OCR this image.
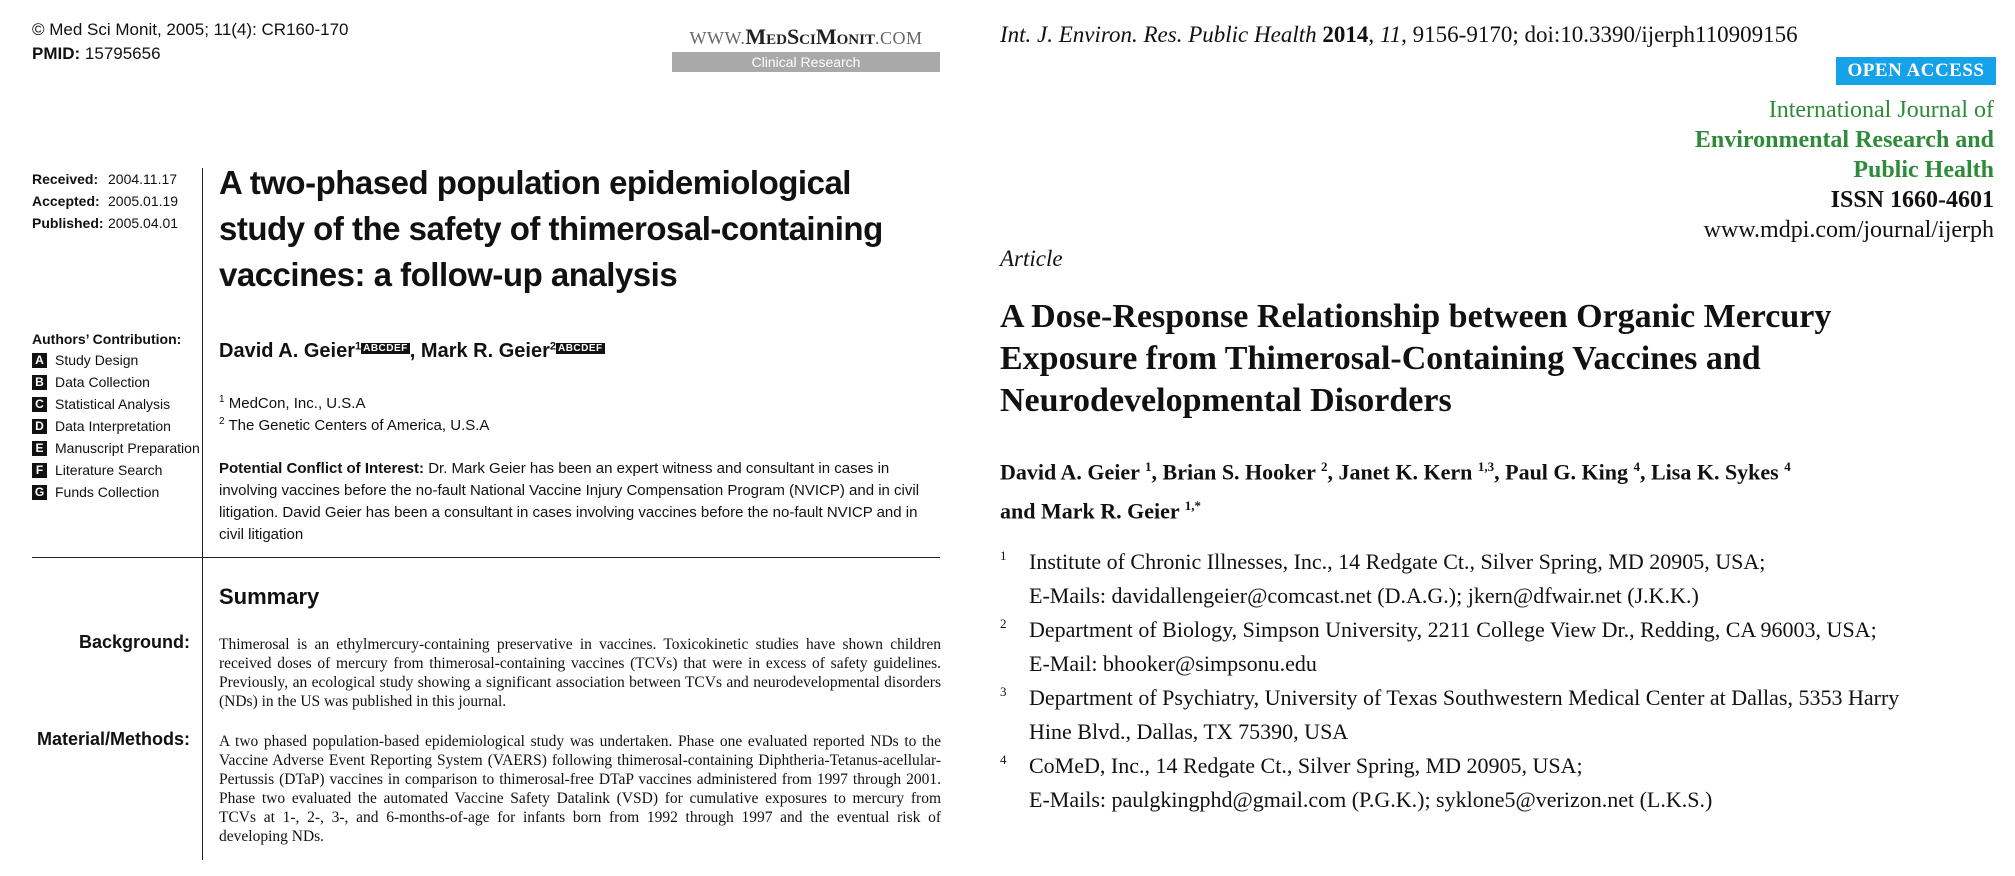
© Med Sci Monit, 2005; 11(4): CR160-170
PMID: 15795656
WWW.MedSciMonit.COM
Clinical Research
Received: 2004.11.17
Accepted: 2005.01.19
Published: 2005.04.01
A two-phased population epidemiological study of the safety of thimerosal-containing vaccines: a follow-up analysis
Authors’ Contribution:
A Study Design
B Data Collection
C Statistical Analysis
D Data Interpretation
E Manuscript Preparation
F Literature Search
G Funds Collection
David A. Geier$^1$ ABCDEF , Mark R. Geier$^2$ ABCDEF
$^1$ MedCon, Inc., U.S.A
$^2$ The Genetic Centers of America, U.S.A
Potential Conflict of Interest: Dr. Mark Geier has been an expert witness and consultant in cases in involving vaccines before the no-fault National Vaccine Injury Compensation Program (NVICP) and in civil litigation. David Geier has been a consultant in cases involving vaccines before the no-fault NVICP and in civil litigation
Summary
Background: Thimerosal is an ethylmercury-containing preservative in vaccines. Toxicokinetic studies have shown children received doses of mercury from thimerosal-containing vaccines (TCVs) that were in excess of safety guidelines. Previously, an ecological study showing a significant association between TCVs and neurodevelopmental disorders (NDs) in the US was published in this journal.
Material/Methods: A two phased population-based epidemiological study was undertaken. Phase one evaluated reported NDs to the Vaccine Adverse Event Reporting System (VAERS) following thimerosal-containing Diphtheria-Tetanus-acellular-Pertussis (DTaP) vaccines in comparison to thimerosal-free DTaP vaccines administered from 1997 through 2001. Phase two evaluated the automated Vaccine Safety Datalink (VSD) for cumulative exposures to mercury from TCVs at 1-, 2-, 3-, and 6-months-of-age for infants born from 1992 through 1997 and the eventual risk of developing NDs.
Int. J. Environ. Res. Public Health 2014, 11, 9156-9170; doi:10.3390/ijerph110909156
OPEN ACCESS
International Journal of
Environmental Research and
Public Health
ISSN 1660-4601
www.mdpi.com/journal/ijerph
Article
A Dose-Response Relationship between Organic Mercury Exposure from Thimerosal-Containing Vaccines and Neurodevelopmental Disorders
David A. Geier $^1$, Brian S. Hooker $^2$, Janet K. Kern $^{1,3}$, Paul G. King $^4$, Lisa K. Sykes $^4$
and Mark R. Geier $^{1,*}$
1 Institute of Chronic Illnesses, Inc., 14 Redgate Ct., Silver Spring, MD 20905, USA;
E-Mails: davidallengeier@comcast.net (D.A.G.); jkern@dfwair.net (J.K.K.)
2 Department of Biology, Simpson University, 2211 College View Dr., Redding, CA 96003, USA;
E-Mail: bhooker@simpsonu.edu
3 Department of Psychiatry, University of Texas Southwestern Medical Center at Dallas, 5353 Harry
Hine Blvd., Dallas, TX 75390, USA
4 CoMeD, Inc., 14 Redgate Ct., Silver Spring, MD 20905, USA;
E-Mails: paulgkingphd@gmail.com (P.G.K.); syklone5@verizon.net (L.K.S.)
